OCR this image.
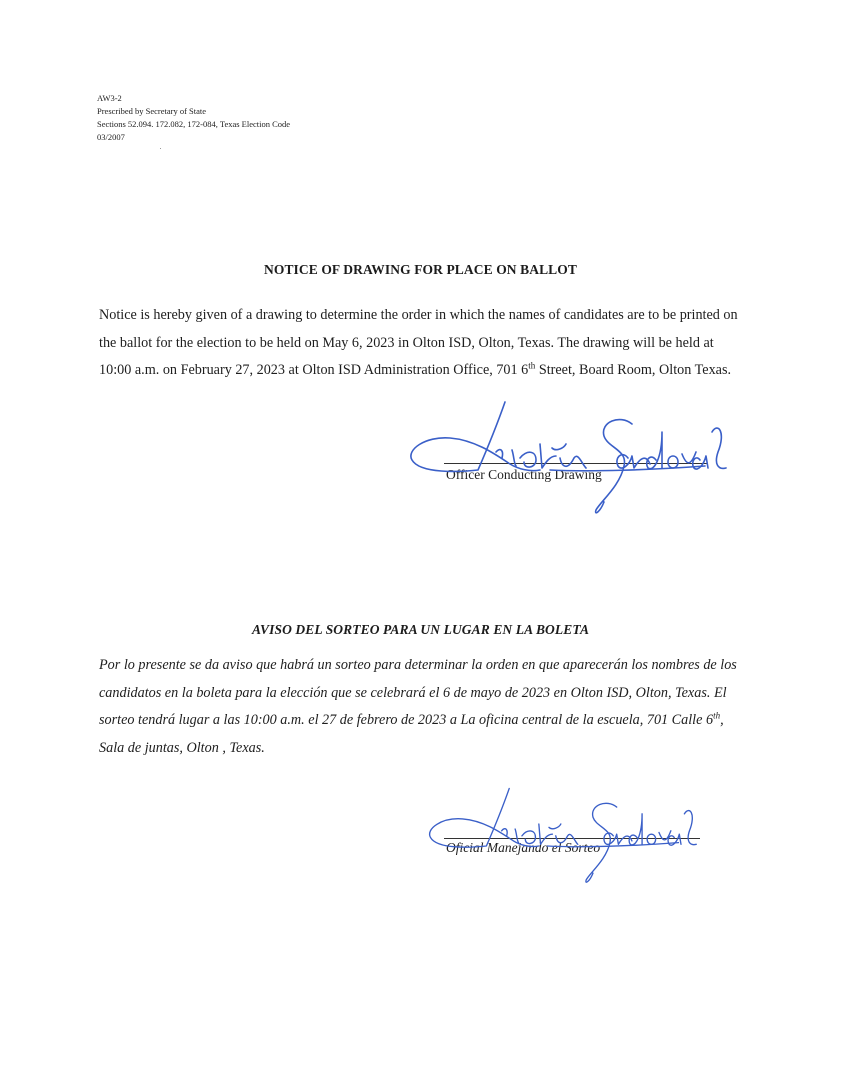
AW3-2
Prescribed by Secretary of State
Sections 52.094. 172.082, 172-084, Texas Election Code
03/2007
NOTICE OF DRAWING FOR PLACE ON BALLOT
Notice is hereby given of a drawing to determine the order in which the names of candidates are to be printed on the ballot for the election to be held on May 6, 2023 in Olton ISD, Olton, Texas. The drawing will be held at 10:00 a.m. on February 27, 2023 at Olton ISD Administration Office, 701 6th Street, Board Room, Olton Texas.
Officer Conducting Drawing
AVISO DEL SORTEO PARA UN LUGAR EN LA BOLETA
Por lo presente se da aviso que habrá un sorteo para determinar la orden en que aparecerán los nombres de los candidatos en la boleta para la elección que se celebrará el 6 de mayo de 2023 en Olton ISD, Olton, Texas. El sorteo tendrá lugar a las 10:00 a.m. el 27 de febrero de 2023 a La oficina central de la escuela, 701 Calle 6th, Sala de juntas, Olton , Texas.
Oficial Manejando el Sorteo
